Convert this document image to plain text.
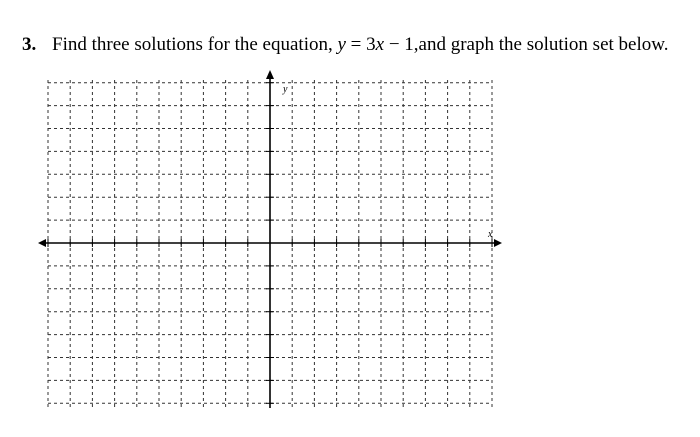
3. Find three solutions for the equation, y = 3x − 1,and graph the solution set below.
y
x
